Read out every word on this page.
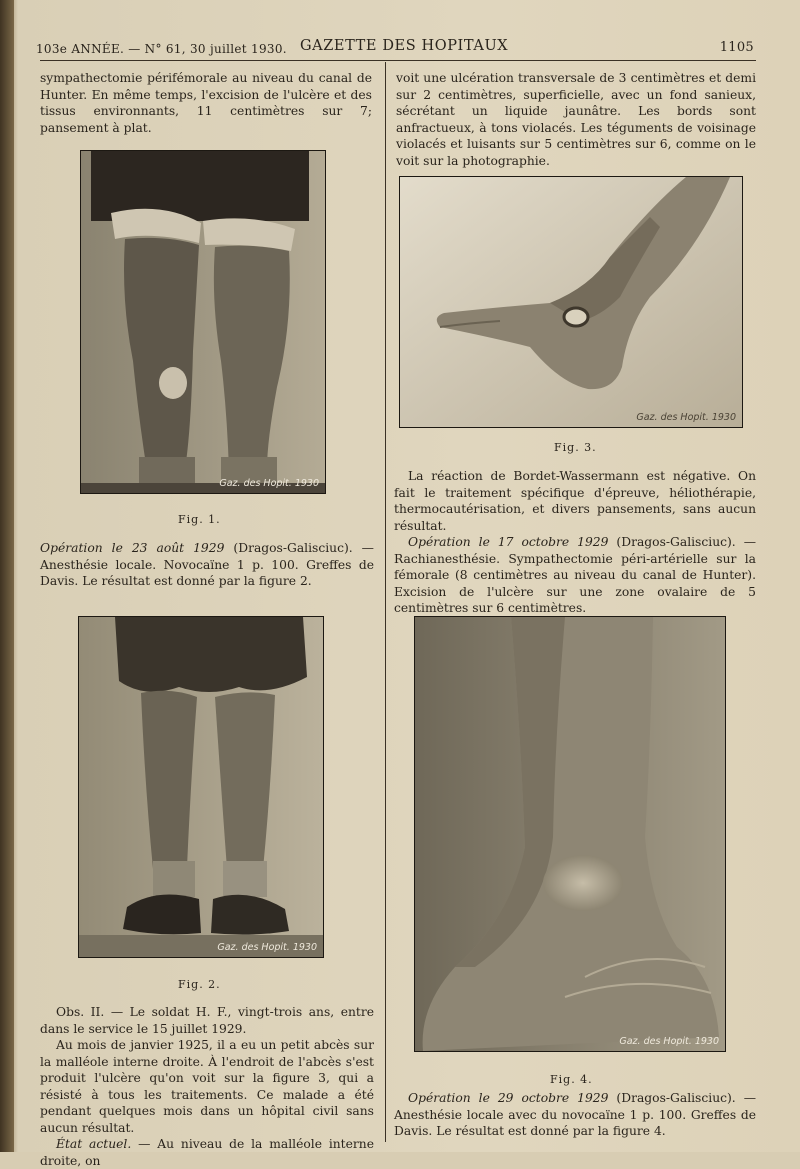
103e ANNÉE. — N° 61, 30 juillet 1930. GAZETTE DES HOPITAUX	1105

sympathectomie périfémorale au niveau du canal de Hunter. En même temps, l'excision de l'ulcère et des tissus environnants, 11 centimètres sur 7; pansement à plat.

Gaz. des Hopit. 1930
Fig. 1.

Opération le 23 août 1929 (Dragos-Galisciuc). — Anesthésie locale. Novocaïne 1 p. 100. Greffes de Davis. Le résultat est donné par la figure 2.

Gaz. des Hopit. 1930
Fig. 2.

Obs. II. — Le soldat H. F., vingt-trois ans, entre dans le service le 15 juillet 1929.

Au mois de janvier 1925, il a eu un petit abcès sur la malléole interne droite. À l'endroit de l'abcès s'est produit l'ulcère qu'on voit sur la figure 3, qui a résisté à tous les traitements. Ce malade a été pendant quelques mois dans un hôpital civil sans aucun résultat.

État actuel. — Au niveau de la malléole interne droite, on

voit une ulcération transversale de 3 centimètres et demi sur 2 centimètres, superficielle, avec un fond sanieux, sécrétant un liquide jaunâtre. Les bords sont anfractueux, à tons violacés. Les téguments de voisinage violacés et luisants sur 5 centimètres sur 6, comme on le voit sur la photographie.

Gaz. des Hopit. 1930
Fig. 3.

La réaction de Bordet-Wassermann est négative. On fait le traitement spécifique d'épreuve, héliothérapie, thermocautérisation, et divers pansements, sans aucun résultat.

Opération le 17 octobre 1929 (Dragos-Galisciuc). — Rachianesthésie. Sympathectomie péri-artérielle sur la fémorale (8 centimètres au niveau du canal de Hunter). Excision de l'ulcère sur une zone ovalaire de 5 centimètres sur 6 centimètres.

Gaz. des Hopit. 1930
Fig. 4.

Opération le 29 octobre 1929 (Dragos-Galisciuc). — Anesthésie locale avec du novocaïne 1 p. 100. Greffes de Davis. Le résultat est donné par la figure 4.
